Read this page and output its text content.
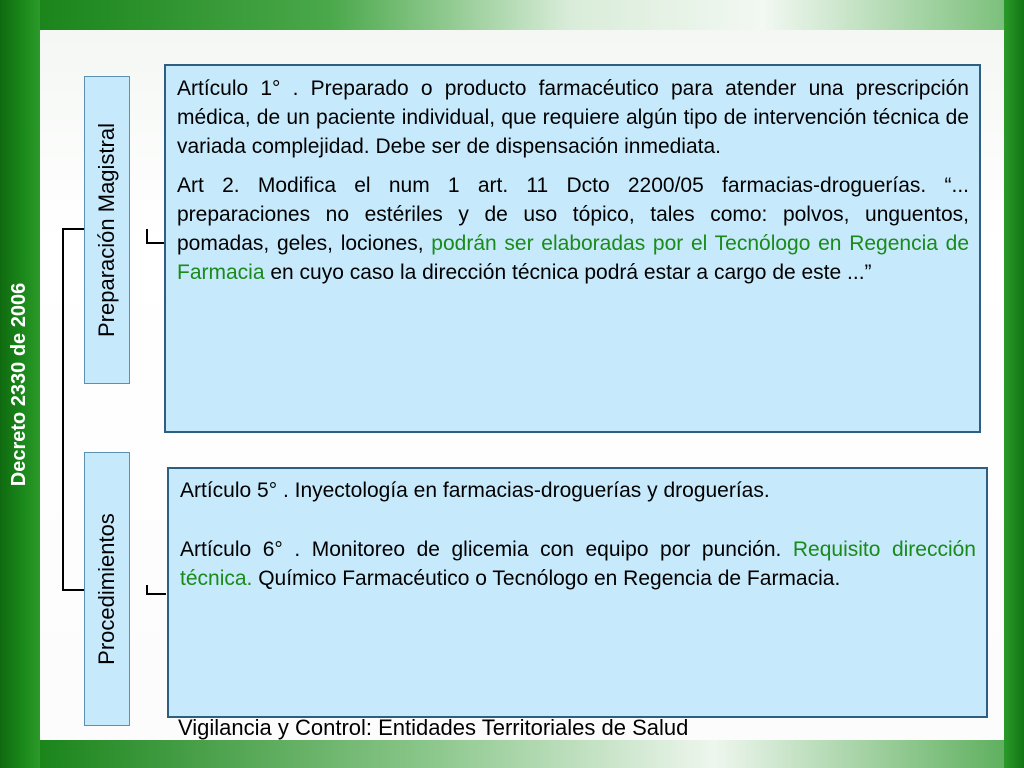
Decreto 2330 de 2006
Preparación Magistral
Procedimientos

Artículo 1° . Preparado o producto farmacéutico para atender una prescripción médica, de un paciente individual, que requiere algún tipo de intervención técnica de variada complejidad. Debe ser de dispensación inmediata.

Art 2. Modifica el num 1 art. 11 Dcto 2200/05 farmacias-droguerías. “... preparaciones no estériles y de uso tópico, tales como: polvos, unguentos, pomadas, geles, lociones, podrán ser elaboradas por el Tecnólogo en Regencia de Farmacia en cuyo caso la dirección técnica podrá estar a cargo de este ...”

Artículo 5° . Inyectología en farmacias-droguerías y droguerías.

Artículo 6° . Monitoreo de glicemia con equipo por punción. Requisito dirección técnica. Químico Farmacéutico o Tecnólogo en Regencia de Farmacia.

Vigilancia y Control: Entidades Territoriales de Salud
